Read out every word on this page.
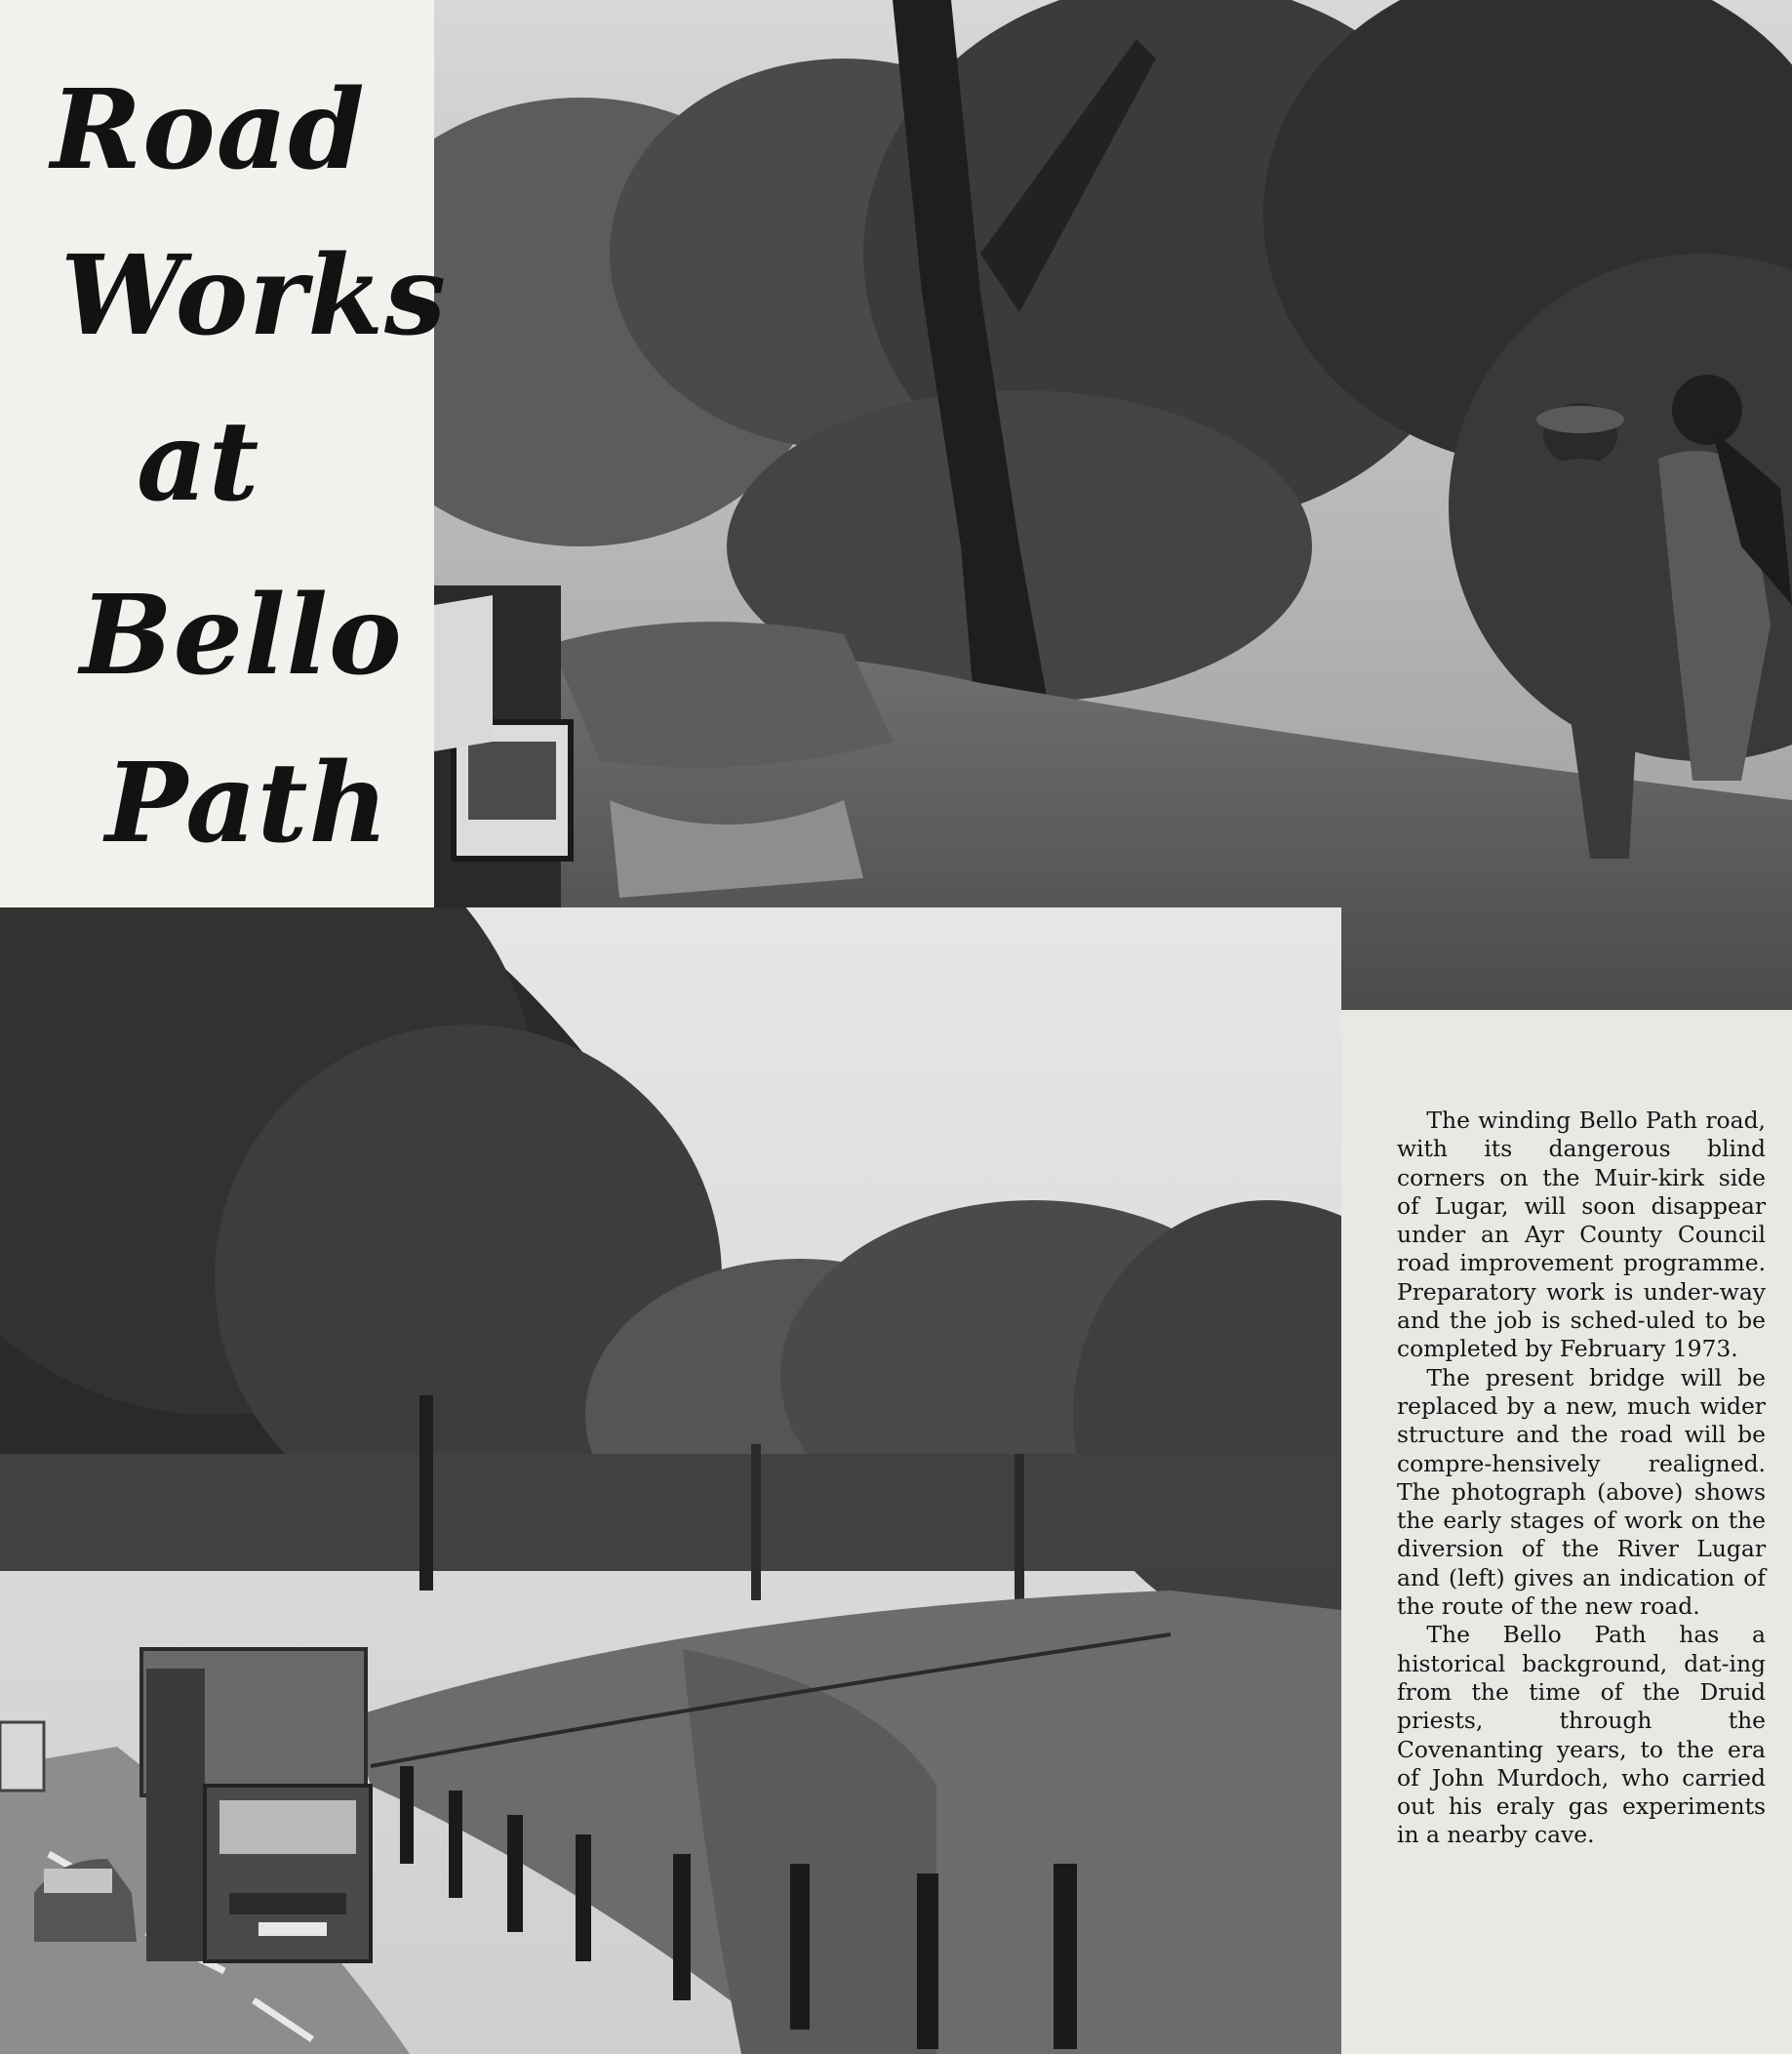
Road
Works
at
Bello
Path

The winding Bello Path road, with its dangerous blind corners on the Muir-kirk side of Lugar, will soon disappear under an Ayr County Council road improvement programme. Preparatory work is under-way and the job is sched-uled to be completed by February 1973.

The present bridge will be replaced by a new, much wider structure and the road will be compre-hensively realigned. The photograph (above) shows the early stages of work on the diversion of the River Lugar and (left) gives an indication of the route of the new road.

The Bello Path has a historical background, dat-ing from the time of the Druid priests, through the Covenanting years, to the era of John Murdoch, who carried out his eraly gas experiments in a nearby cave.
